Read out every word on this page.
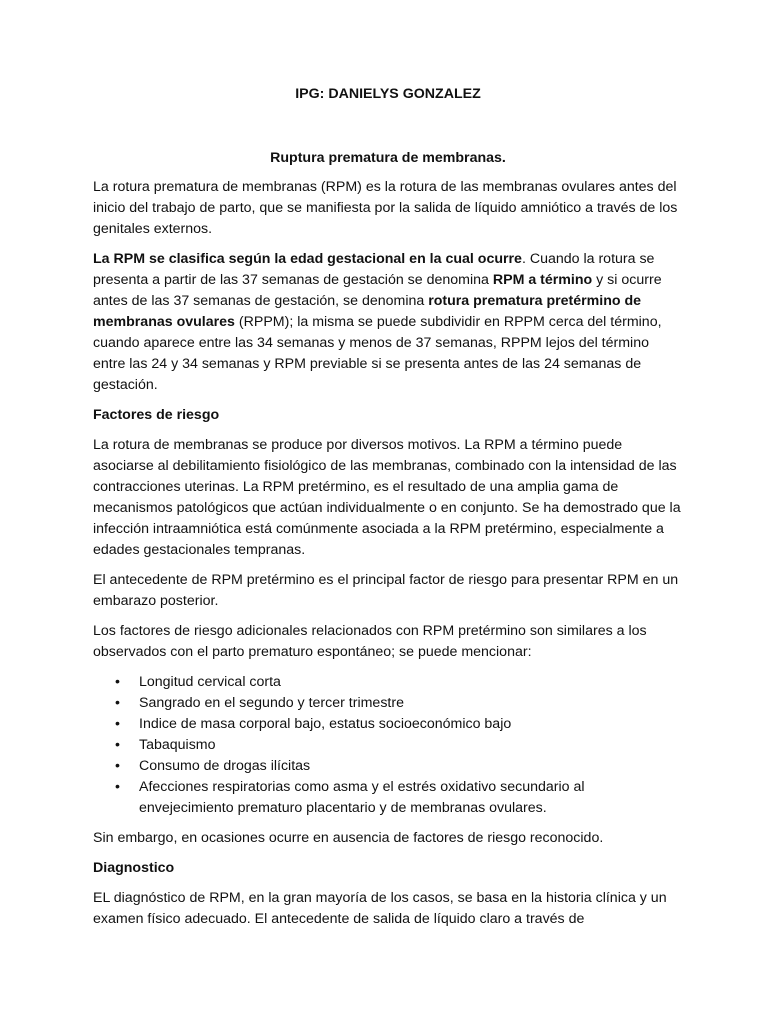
IPG: DANIELYS GONZALEZ
Ruptura prematura de membranas.

La rotura prematura de membranas (RPM) es la rotura de las membranas ovulares antes del inicio del trabajo de parto, que se manifiesta por la salida de líquido amniótico a través de los genitales externos.

La RPM se clasifica según la edad gestacional en la cual ocurre. Cuando la rotura se presenta a partir de las 37 semanas de gestación se denomina RPM a término y si ocurre antes de las 37 semanas de gestación, se denomina rotura prematura pretérmino de membranas ovulares (RPPM); la misma se puede subdividir en RPPM cerca del término, cuando aparece entre las 34 semanas y menos de 37 semanas, RPPM lejos del término entre las 24 y 34 semanas y RPM previable si se presenta antes de las 24 semanas de gestación.

Factores de riesgo

La rotura de membranas se produce por diversos motivos. La RPM a término puede asociarse al debilitamiento fisiológico de las membranas, combinado con la intensidad de las contracciones uterinas. La RPM pretérmino, es el resultado de una amplia gama de mecanismos patológicos que actúan individualmente o en conjunto. Se ha demostrado que la infección intraamniótica está comúnmente asociada a la RPM pretérmino, especialmente a edades gestacionales tempranas.

El antecedente de RPM pretérmino es el principal factor de riesgo para presentar RPM en un embarazo posterior.

Los factores de riesgo adicionales relacionados con RPM pretérmino son similares a los observados con el parto prematuro espontáneo; se puede mencionar:

• Longitud cervical corta
• Sangrado en el segundo y tercer trimestre
• Indice de masa corporal bajo, estatus socioeconómico bajo
• Tabaquismo
• Consumo de drogas ilícitas
• Afecciones respiratorias como asma y el estrés oxidativo secundario al envejecimiento prematuro placentario y de membranas ovulares.

Sin embargo, en ocasiones ocurre en ausencia de factores de riesgo reconocido.

Diagnostico

EL diagnóstico de RPM, en la gran mayoría de los casos, se basa en la historia clínica y un examen físico adecuado. El antecedente de salida de líquido claro a través de
